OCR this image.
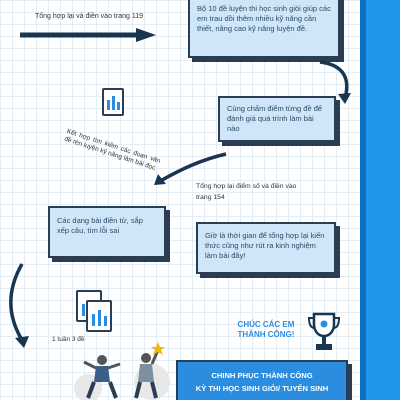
Tổng hợp lại và điền vào trang 119
Bộ 10 đề luyện thi học sinh giỏi giúp các em trau dồi thêm nhiều kỹ năng cần thiết, nâng cao kỹ năng luyện đề.
Cùng chấm điểm từng đề để đánh giá quá trình làm bài nào
Kết hợp tìm kiếm các đoạn văn đề rèn luyện kỹ năng làm bài đọc
Tổng hợp lại điểm số và điền vào trang 154
Các dạng bài điền từ, sắp xếp câu, tìm lỗi sai
Giờ là thời gian để tổng hợp lại kiến thức cũng như rút ra kinh nghiệm làm bài đây!
1 tuần 3 đề
CHÚC CÁC EM
THÀNH CÔNG!
CHINH PHỤC THÀNH CÔNG
KỲ THI HỌC SINH GIỎI/ TUYỂN SINH
